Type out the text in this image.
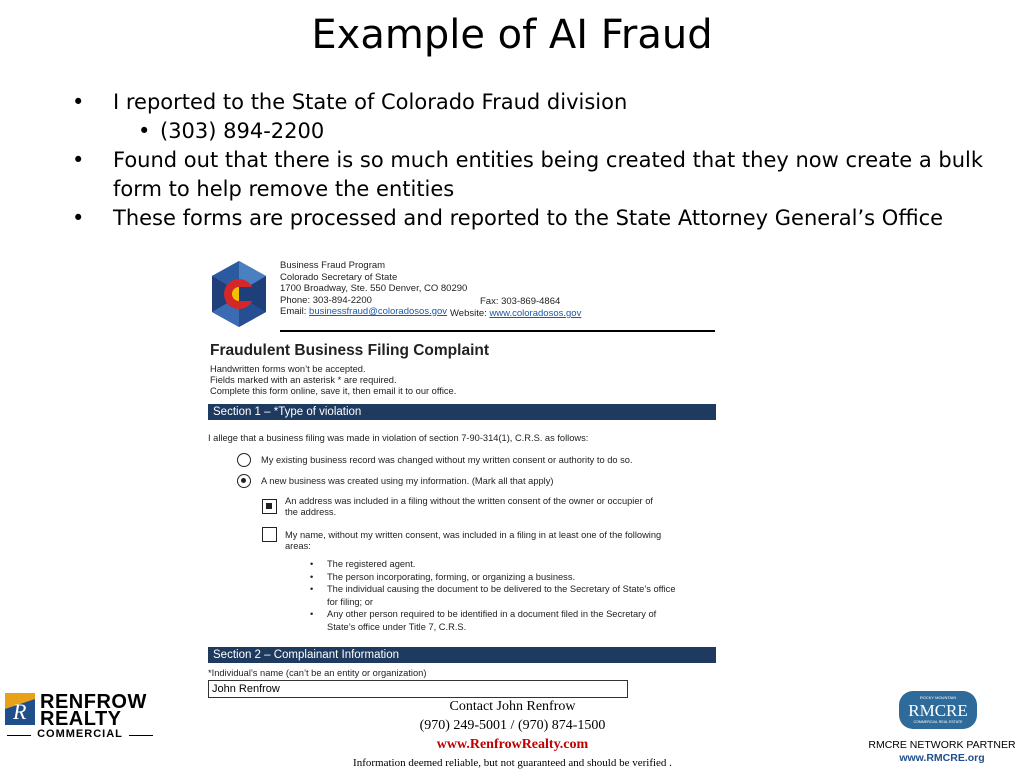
Example of AI Fraud
• I reported to the State of Colorado Fraud division
• (303) 894-2200
• Found out that there is so much entities being created that they now create a bulk form to help remove the entities
• These forms are processed and reported to the State Attorney General’s Office
Business Fraud Program
Colorado Secretary of State
1700 Broadway, Ste. 550 Denver, CO 80290
Phone: 303-894-2200
Email: businessfraud@coloradosos.gov
Fax: 303-869-4864
Website: www.coloradosos.gov
Fraudulent Business Filing Complaint
Handwritten forms won’t be accepted.
Fields marked with an asterisk * are required.
Complete this form online, save it, then email it to our office.
Section 1 – *Type of violation
I allege that a business filing was made in violation of section 7-90-314(1), C.R.S. as follows:
My existing business record was changed without my written consent or authority to do so.
A new business was created using my information. (Mark all that apply)
An address was included in a filing without the written consent of the owner or occupier of
the address.
My name, without my written consent, was included in a filing in at least one of the following
areas:
• The registered agent.
• The person incorporating, forming, or organizing a business.
• The individual causing the document to be delivered to the Secretary of State’s office
for filing; or
• Any other person required to be identified in a document filed in the Secretary of
State’s office under Title 7, C.R.S.
Section 2 – Complainant Information
*Individual’s name (can’t be an entity or organization)
John Renfrow
R RENFROW
REALTY
COMMERCIAL
Contact John Renfrow
(970) 249-5001 / (970) 874-1500
www.RenfrowRealty.com
Information deemed reliable, but not guaranteed and should be verified .
ROCKY MOUNTAIN
RMCRE
COMMERCIAL REAL ESTATE
RMCRE NETWORK PARTNER
www.RMCRE.org
